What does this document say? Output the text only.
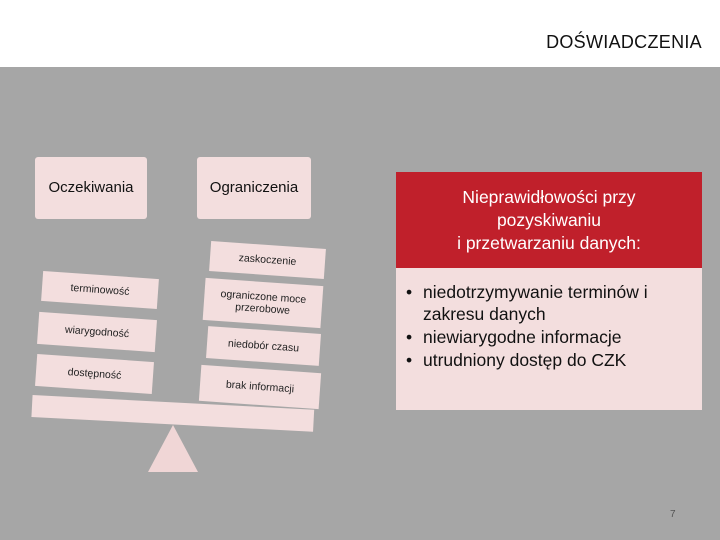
DOŚWIADCZENIA
Oczekiwania	Ograniczenia
terminowość
wiarygodność
dostępność
zaskoczenie
ograniczone moce przerobowe
niedobór czasu
brak informacji
Nieprawidłowości przy
pozyskiwaniu
i przetwarzaniu danych:
• niedotrzymywanie terminów i zakresu danych
• niewiarygodne informacje
• utrudniony dostęp do CZK
7
